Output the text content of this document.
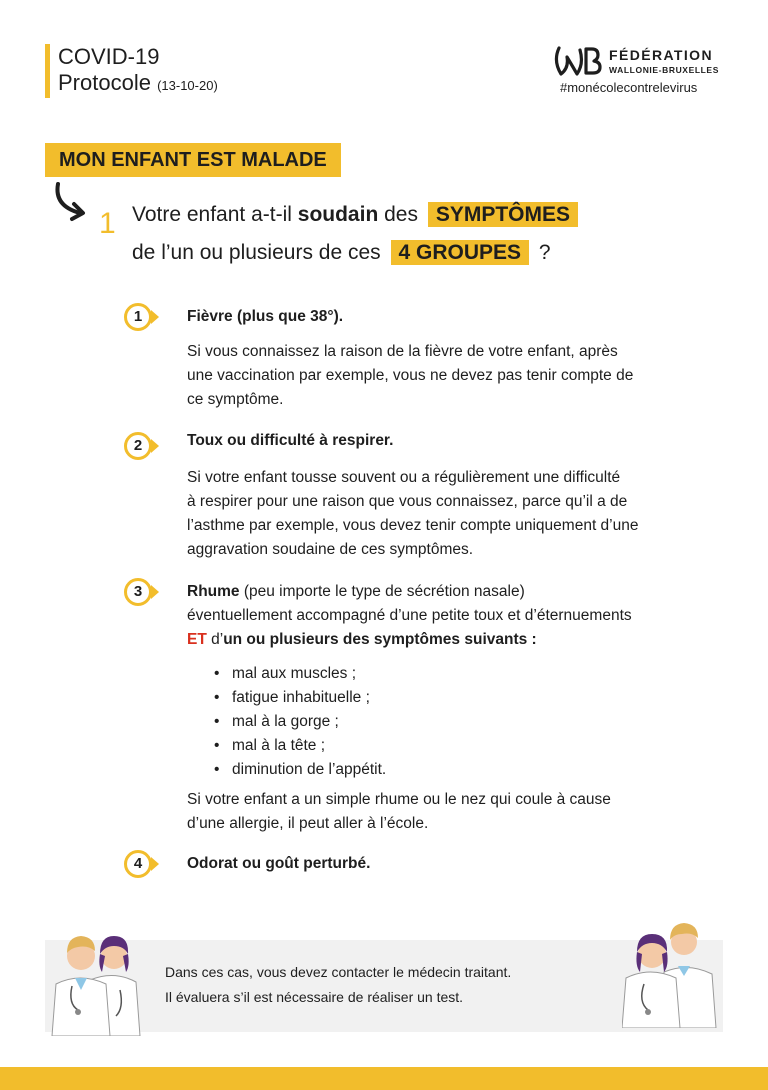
COVID-19
Protocole (13-10-20)
FÉDÉRATION
WALLONIE-BRUXELLES
#monécolecontrelevirus
MON ENFANT EST MALADE
1 Votre enfant a-t-il soudain des SYMPTÔMES
de l’un ou plusieurs de ces 4 GROUPES ?
1	Fièvre (plus que 38°).
Si vous connaissez la raison de la fièvre de votre enfant, après
une vaccination par exemple, vous ne devez pas tenir compte de
ce symptôme.
2	Toux ou difficulté à respirer.
Si votre enfant tousse souvent ou a régulièrement une difficulté
à respirer pour une raison que vous connaissez, parce qu’il a de
l’asthme par exemple, vous devez tenir compte uniquement d’une
aggravation soudaine de ces symptômes.
3	Rhume (peu importe le type de sécrétion nasale)
éventuellement accompagné d’une petite toux et d’éternuements
ET d’un ou plusieurs des symptômes suivants :
• mal aux muscles ;
• fatigue inhabituelle ;
• mal à la gorge ;
• mal à la tête ;
• diminution de l’appétit.
Si votre enfant a un simple rhume ou le nez qui coule à cause
d’une allergie, il peut aller à l’école.
4	Odorat ou goût perturbé.
Dans ces cas, vous devez contacter le médecin traitant.
Il évaluera s’il est nécessaire de réaliser un test.
